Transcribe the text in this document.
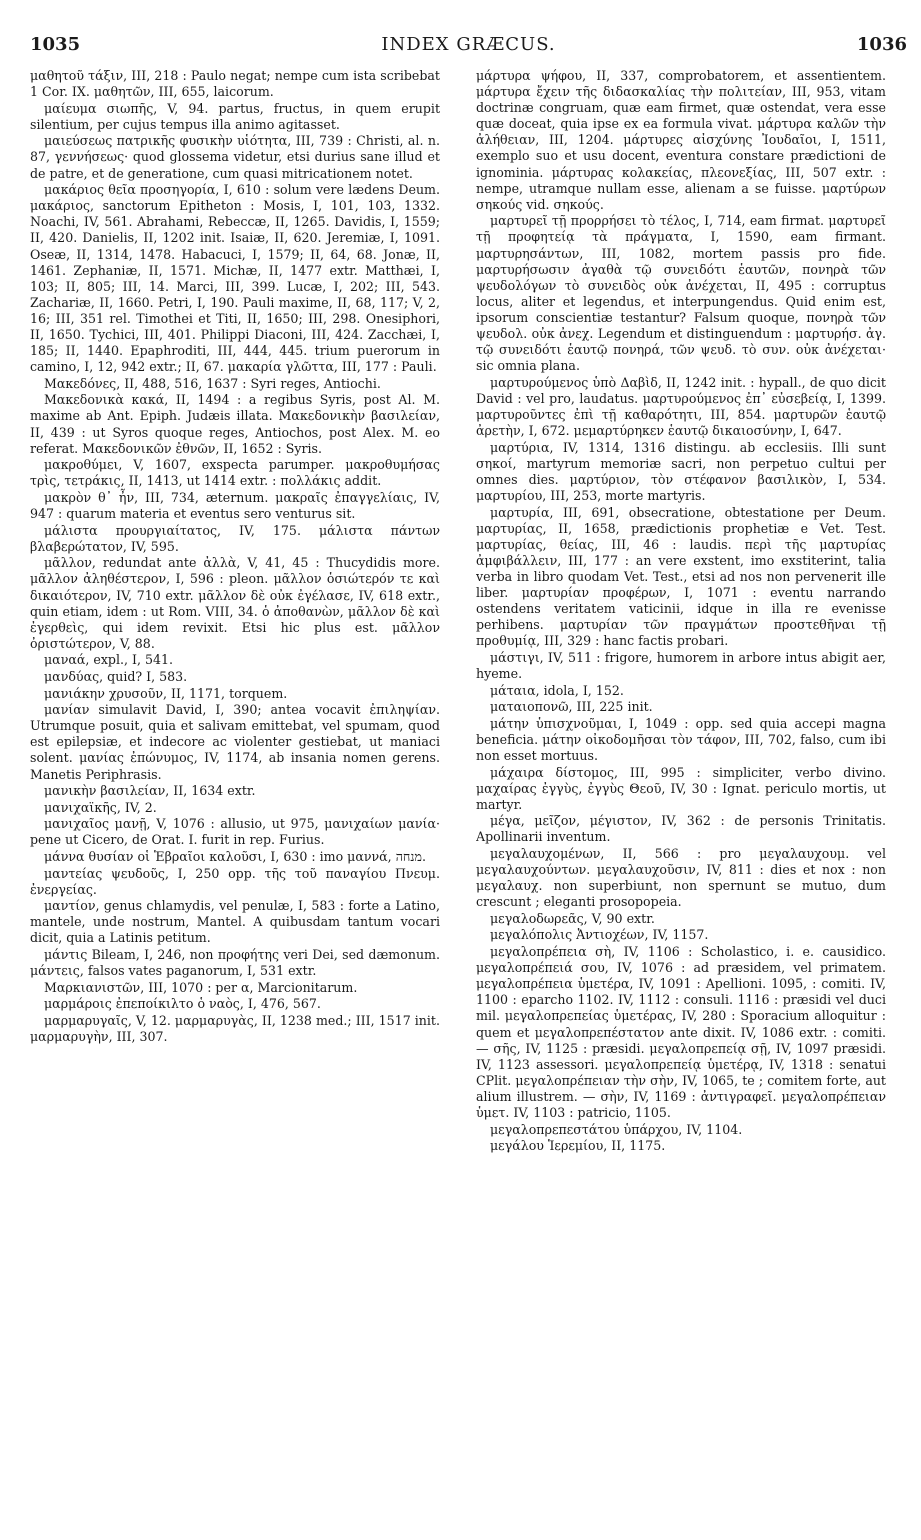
1035	INDEX GRÆCUS.	1036

μαθητοῦ τάξιν, III, 218 : Paulo negat; nempe cum ista scribebat 1 Cor. IX. μαθητῶν, III, 655, laicorum.

μαίευμα σιωπῆς, V, 94. partus, fructus, in quem erupit silentium, per cujus tempus illa animo agitasset.

μαιεύσεως πατρικῆς φυσικὴν υἱότητα, III, 739 : Christi, al. n. 87, γεννήσεως· quod glossema videtur, etsi durius sane illud et de patre, et de generatione, cum quasi mitricationem notet.

μακάριος θεῖα προσηγορία, I, 610 : solum vere lædens Deum. μακάριος, sanctorum Epitheton : Mosis, I, 101, 103, 1332. Noachi, IV, 561. Abrahami, Rebeccæ, II, 1265. Davidis, I, 1559; II, 420. Danielis, II, 1202 init. Isaiæ, II, 620. Jeremiæ, I, 1091. Oseæ, II, 1314, 1478. Habacuci, I, 1579; II, 64, 68. Jonæ, II, 1461. Zephaniæ, II, 1571. Michæ, II, 1477 extr. Matthæi, I, 103; II, 805; III, 14. Marci, III, 399. Lucæ, I, 202; III, 543. Zachariæ, II, 1660. Petri, I, 190. Pauli maxime, II, 68, 117; V, 2, 16; III, 351 rel. Timothei et Titi, II, 1650; III, 298. Onesiphori, II, 1650. Tychici, III, 401. Philippi Diaconi, III, 424. Zacchæi, I, 185; II, 1440. Epaphroditi, III, 444, 445. trium puerorum in camino, I, 12, 942 extr.; II, 67. μακαρία γλῶττα, III, 177 : Pauli.

Μακεδόνες, II, 488, 516, 1637 : Syri reges, Antiochi.

Μακεδονικὰ κακά, II, 1494 : a regibus Syris, post Al. M. maxime ab Ant. Epiph. Judæis illata. Μακεδονικὴν βασιλείαν, II, 439 : ut Syros quoque reges, Antiochos, post Alex. M. eo referat. Μακεδονικῶν ἐθνῶν, II, 1652 : Syris.

μακροθύμει, V, 1607, exspecta parumper. μακροθυμήσας τρὶς, τετράκις, II, 1413, ut 1414 extr. : πολλάκις addit.

μακρὸν θ᾽ ἦν, III, 734, æternum. μακραῖς ἐπαγγελίαις, IV, 947 : quarum materia et eventus sero venturus sit.

μάλιστα προυργιαίτατος, IV, 175. μάλιστα πάντων βλαβερώτατον, IV, 595.

μᾶλλον, redundat ante ἀλλὰ, V, 41, 45 : Thucydidis more. μᾶλλον ἀληθέστερον, I, 596 : pleon. μᾶλλον ὁσιώτερόν τε καὶ δικαιότερον, IV, 710 extr. μᾶλλον δὲ οὐκ ἐγέλασε, IV, 618 extr., quin etiam, idem : ut Rom. VIII, 34. ὁ ἀποθανὼν, μᾶλλον δὲ καὶ ἐγερθεὶς, qui idem revixit. Etsi hic plus est. μᾶλλον ὀριστώτερον, V, 88.

μαναά, expl., I, 541.

μανδύας, quid? I, 583.

μανιάκην χρυσοῦν, II, 1171, torquem.

μανίαν simulavit David, I, 390; antea vocavit ἐπιληψίαν. Utrumque posuit, quia et salivam emittebat, vel spumam, quod est epilepsiæ, et indecore ac violenter gestiebat, ut maniaci solent. μανίας ἐπώνυμος, IV, 1174, ab insania nomen gerens. Manetis Periphrasis.

μανικὴν βασιλείαν, II, 1634 extr.

μανιχαϊκῆς, IV, 2.

μανιχαῖος μανῇ, V, 1076 : allusio, ut 975, μανιχαίων μανία· pene ut Cicero, de Orat. I. furit in rep. Furius.

μάννα θυσίαν οἱ Ἑβραῖοι καλοῦσι, I, 630 : imo μαννά, מנחה.

μαντείας ψευδοῦς, I, 250 opp. τῆς τοῦ παναγίου Πνευμ. ἐνεργείας.

μαντίον, genus chlamydis, vel penulæ, I, 583 : forte a Latino, mantele, unde nostrum, Mantel. A quibusdam tantum vocari dicit, quia a Latinis petitum.

μάντις Bileam, I, 246, non προφήτης veri Dei, sed dæmonum. μάντεις, falsos vates paganorum, I, 531 extr.

Μαρκιανιστῶν, III, 1070 : per α, Marcionitarum.

μαρμάροις ἐπεποίκιλτο ὁ ναὸς, I, 476, 567.

μαρμαρυγαῖς, V, 12. μαρμαρυγὰς, II, 1238 med.; III, 1517 init. μαρμαρυγὴν, III, 307.

μάρτυρα ψήφου, II, 337, comprobatorem, et assentientem. μάρτυρα ἔχειν τῆς διδασκαλίας τὴν πολιτείαν, III, 953, vitam doctrinæ congruam, quæ eam firmet, quæ ostendat, vera esse quæ doceat, quia ipse ex ea formula vivat. μάρτυρα καλῶν τὴν ἀλήθειαν, III, 1204. μάρτυρες αἰσχύνης Ἰουδαῖοι, I, 1511, exemplo suo et usu docent, eventura constare prædictioni de ignominia. μάρτυρας κολακείας, πλεονεξίας, III, 507 extr. : nempe, utramque nullam esse, alienam a se fuisse. μαρτύρων σηκούς vid. σηκούς.

μαρτυρεῖ τῇ προρρήσει τὸ τέλος, I, 714, eam firmat. μαρτυρεῖ τῇ προφητείᾳ τὰ πράγματα, I, 1590, eam firmant. μαρτυρησάντων, III, 1082, mortem passis pro fide. μαρτυρήσωσιν ἀγαθὰ τῷ συνειδότι ἑαυτῶν, πονηρὰ τῶν ψευδολόγων τὸ συνειδὸς οὐκ ἀνέχεται, II, 495 : corruptus locus, aliter et legendus, et interpungendus. Quid enim est, ipsorum conscientiæ testantur? Falsum quoque, πονηρὰ τῶν ψευδολ. οὐκ ἀνεχ. Legendum et distinguendum : μαρτυρήσ. ἀγ. τῷ συνειδότι ἑαυτῷ πονηρά, τῶν ψευδ. τὸ συν. οὐκ ἀνέχεται· sic omnia plana.

μαρτυρούμενος ὑπὸ Δαβὶδ, II, 1242 init. : hypall., de quo dicit David : vel pro, laudatus. μαρτυρούμενος ἐπ᾽ εὐσεβείᾳ, I, 1399. μαρτυροῦντες ἐπὶ τῇ καθαρότητι, III, 854. μαρτυρῶν ἑαυτῷ ἀρετὴν, I, 672. μεμαρτύρηκεν ἑαυτῷ δικαιοσύνην, I, 647.

μαρτύρια, IV, 1314, 1316 distingu. ab ecclesiis. Illi sunt σηκοί, martyrum memoriæ sacri, non perpetuo cultui per omnes dies. μαρτύριον, τὸν στέφανον βασιλικὸν, I, 534. μαρτυρίου, III, 253, morte martyris.

μαρτυρία, III, 691, obsecratione, obtestatione per Deum. μαρτυρίας, II, 1658, prædictionis prophetiæ e Vet. Test. μαρτυρίας, θείας, III, 46 : laudis. περὶ τῆς μαρτυρίας ἀμφιβάλλειν, III, 177 : an vere exstent, imo exstiterint, talia verba in libro quodam Vet. Test., etsi ad nos non pervenerit ille liber. μαρτυρίαν προφέρων, I, 1071 : eventu narrando ostendens veritatem vaticinii, idque in illa re evenisse perhibens. μαρτυρίαν τῶν πραγμάτων προστεθῆναι τῇ προθυμίᾳ, III, 329 : hanc factis probari.

μάστιγι, IV, 511 : frigore, humorem in arbore intus abigit aer, hyeme.

μάταια, idola, I, 152.

ματαιοπονῶ, III, 225 init.

μάτην ὑπισχνοῦμαι, I, 1049 : opp. sed quia accepi magna beneficia. μάτην οἰκοδομῆσαι τὸν τάφον, III, 702, falso, cum ibi non esset mortuus.

μάχαιρα δίστομος, III, 995 : simpliciter, verbo divino. μαχαίρας ἐγγὺς, ἐγγὺς Θεοῦ, IV, 30 : Ignat. periculo mortis, ut martyr.

μέγα, μεῖζον, μέγιστον, IV, 362 : de personis Trinitatis. Apollinarii inventum.

μεγαλαυχομένων, II, 566 : pro μεγαλαυχουμ. vel μεγαλαυχούντων. μεγαλαυχοῦσιν, IV, 811 : dies et nox : non μεγαλαυχ. non superbiunt, non spernunt se mutuo, dum crescunt ; eleganti prosopopeia.

μεγαλοδωρεᾶς, V, 90 extr.

μεγαλόπολις Ἀντιοχέων, IV, 1157.

μεγαλοπρέπεια σὴ, IV, 1106 : Scholastico, i. e. causidico. μεγαλοπρέπειά σου, IV, 1076 : ad præsidem, vel primatem. μεγαλοπρέπεια ὑμετέρα, IV, 1091 : Apellioni. 1095, : comiti. IV, 1100 : eparcho 1102. IV, 1112 : consuli. 1116 : præsidi vel duci mil. μεγαλοπρεπείας ὑμετέρας, IV, 280 : Sporacium alloquitur : quem et μεγαλοπρεπέστατον ante dixit. IV, 1086 extr. : comiti. — σῆς, IV, 1125 : præsidi. μεγαλοπρεπείᾳ σῇ, IV, 1097 præsidi. IV, 1123 assessori. μεγαλοπρεπείᾳ ὑμετέρᾳ, IV, 1318 : senatui CPlit. μεγαλοπρέπειαν τὴν σὴν, IV, 1065, te ; comitem forte, aut alium illustrem. — σὴν, IV, 1169 : ἀντιγραφεῖ. μεγαλοπρέπειαν ὑμετ. IV, 1103 : patricio, 1105.

μεγαλοπρεπεστάτου ὑπάρχου, IV, 1104.

μεγάλου Ἱερεμίου, II, 1175.
